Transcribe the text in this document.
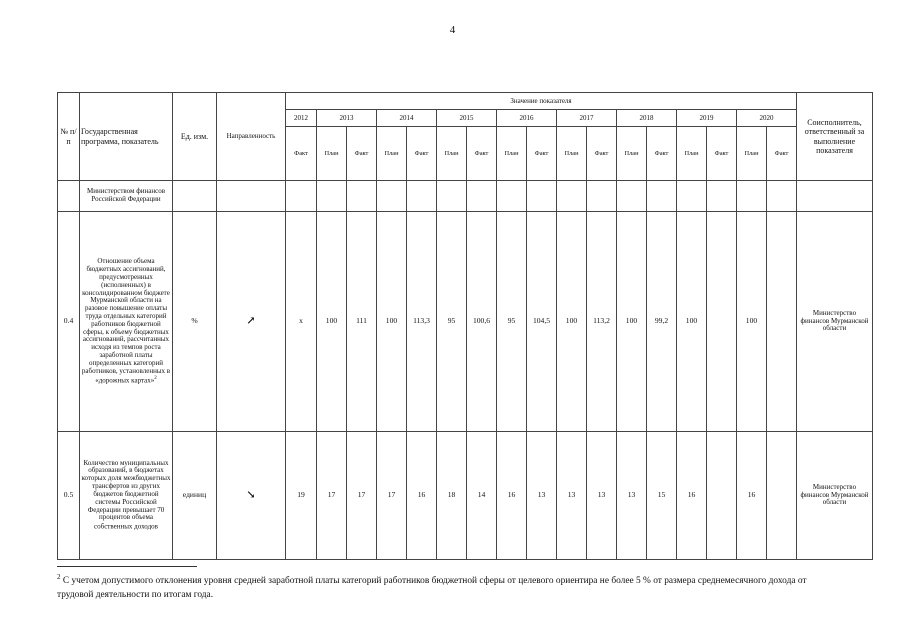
4
№ п/п	Государственная программа, показатель	Ед. изм.	Направленность	Значение показателя																	Соисполнитель, ответственный за выполнение показателя
				2012	2013		2014		2015		2016		2017		2018		2019		2020		
				Факт	План	Факт	План	Факт	План	Факт	План	Факт	План	Факт	План	Факт	План	Факт	План	Факт	
	Министерством финансов Российской Федерации																				
0.4	Отношение объема бюджетных ассигнований, предусмотренных (исполненных) в консолидированном бюджете Мурманской области на разовое повышение оплаты труда отдельных категорий работников бюджетной сферы, к объему бюджетных ассигнований, рассчитанных исходя из темпов роста заработной платы определенных категорий работников, установленных в «дорожных картах»$^2$	%	↗	х	100	111	100	113,3	95	100,6	95	104,5	100	113,2	100	99,2	100		100		Министерство финансов Мурманской области
0.5	Количество муниципальных образований, в бюджетах которых доля межбюджетных трансфертов из других бюджетов бюджетной системы Российской Федерации превышает 70 процентов объема собственных доходов	единиц	↘	19	17	17	17	16	18	14	16	13	13	13	13	15	16		16		Министерство финансов Мурманской области
$^2$ С учетом допустимого отклонения уровня средней заработной платы категорий работников бюджетной сферы от целевого ориентира не более 5 % от размера среднемесячного дохода от трудовой деятельности по итогам года.
